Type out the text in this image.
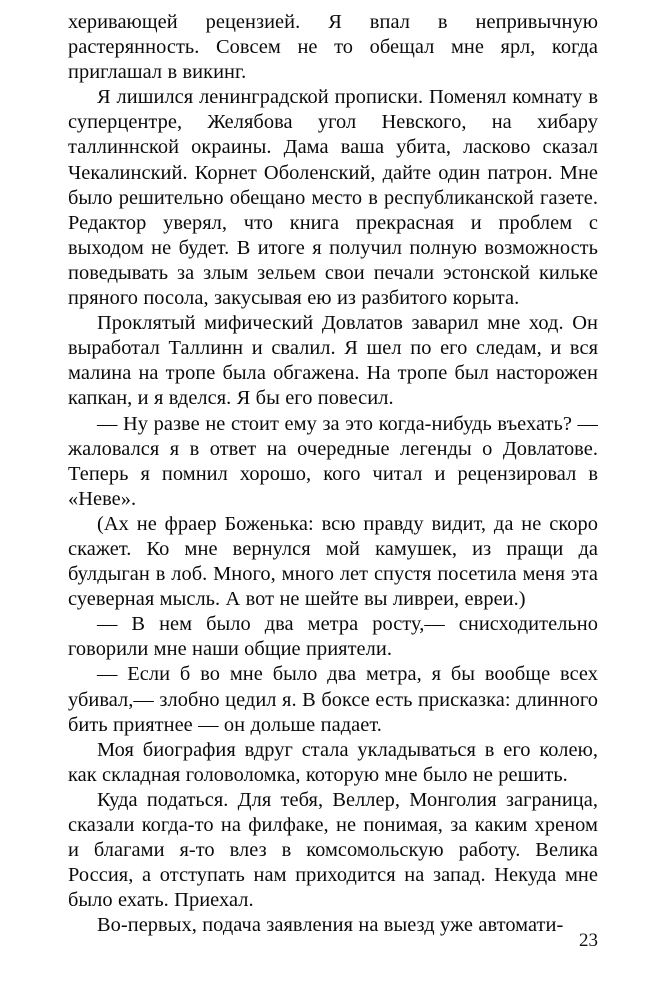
херивающей рецензией. Я впал в непривычную растерянность. Совсем не то обещал мне ярл, когда приглашал в викинг.

Я лишился ленинградской прописки. Поменял комнату в суперцентре, Желябова угол Невского, на хибару таллиннской окраины. Дама ваша убита, ласково сказал Чекалинский. Корнет Оболенский, дайте один патрон. Мне было решительно обещано место в республиканской газете. Редактор уверял, что книга прекрасная и проблем с выходом не будет. В итоге я получил полную возможность поведывать за злым зельем свои печали эстонской кильке пряного посола, закусывая ею из разбитого корыта.

Проклятый мифический Довлатов заварил мне ход. Он выработал Таллинн и свалил. Я шел по его следам, и вся малина на тропе была обгажена. На тропе был насторожен капкан, и я вделся. Я бы его повесил.

— Ну разве не стоит ему за это когда-нибудь въехать? — жаловался я в ответ на очередные легенды о Довлатове. Теперь я помнил хорошо, кого читал и рецензировал в «Неве».

(Ах не фраер Боженька: всю правду видит, да не скоро скажет. Ко мне вернулся мой камушек, из пращи да булдыган в лоб. Много, много лет спустя посетила меня эта суеверная мысль. А вот не шейте вы ливреи, евреи.)

— В нем было два метра росту,— снисходительно говорили мне наши общие приятели.

— Если б во мне было два метра, я бы вообще всех убивал,— злобно цедил я. В боксе есть присказка: длинного бить приятнее — он дольше падает.

Моя биография вдруг стала укладываться в его колею, как складная головоломка, которую мне было не решить.

Куда податься. Для тебя, Веллер, Монголия заграница, сказали когда-то на филфаке, не понимая, за каким хреном и благами я-то влез в комсомольскую работу. Велика Россия, а отступать нам приходится на запад. Некуда мне было ехать. Приехал.

Во-первых, подача заявления на выезд уже автомати-

23
